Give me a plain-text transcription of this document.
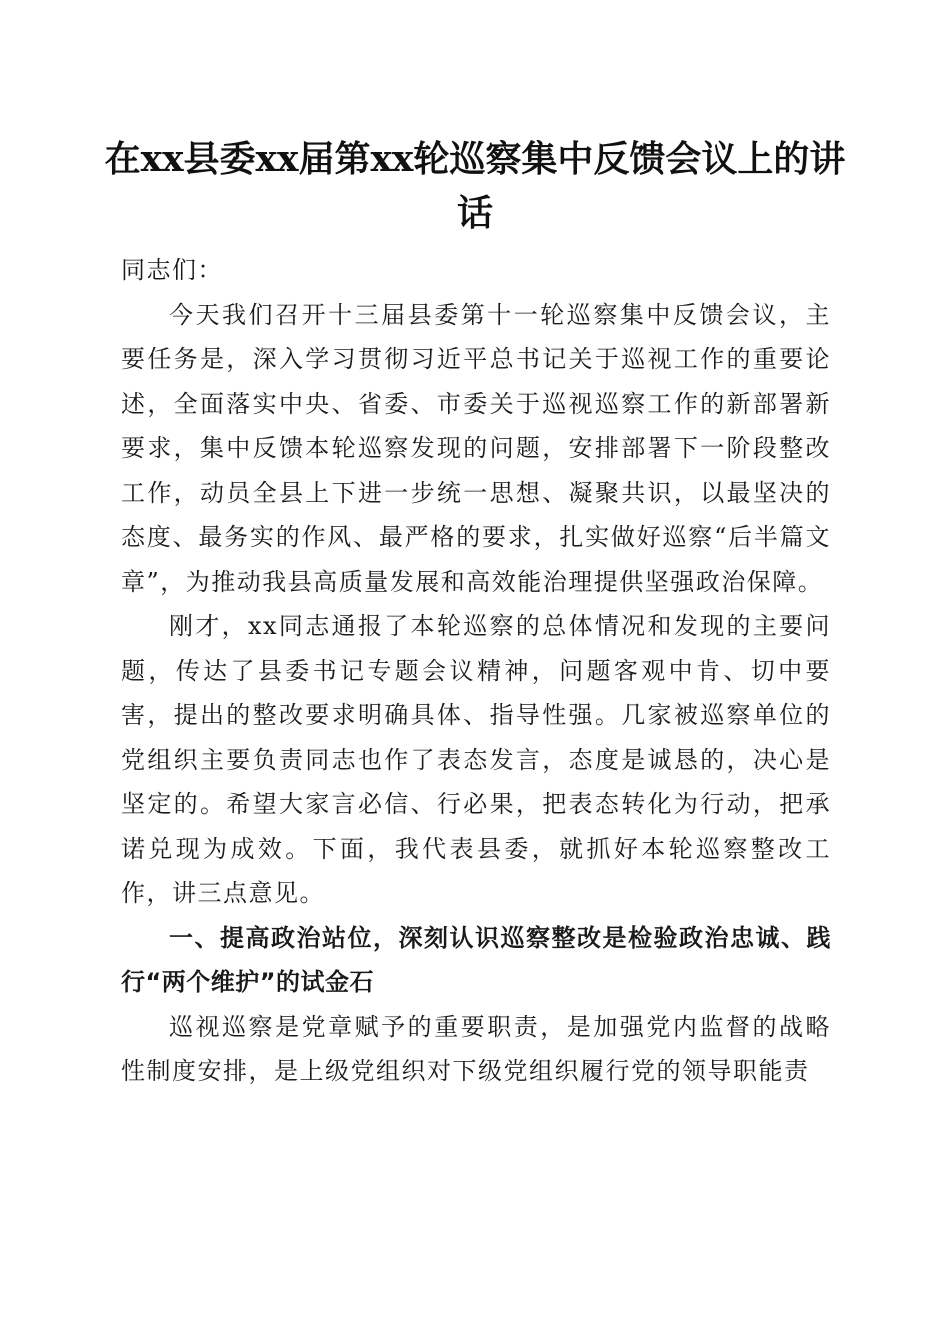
在xx县委xx届第xx轮巡察集中反馈会议上的讲话

同志们：

今天我们召开十三届县委第十一轮巡察集中反馈会议，主要任务是，深入学习贯彻习近平总书记关于巡视工作的重要论述，全面落实中央、省委、市委关于巡视巡察工作的新部署新要求，集中反馈本轮巡察发现的问题，安排部署下一阶段整改工作，动员全县上下进一步统一思想、凝聚共识，以最坚决的态度、最务实的作风、最严格的要求，扎实做好巡察“后半篇文章”，为推动我县高质量发展和高效能治理提供坚强政治保障。

刚才，xx同志通报了本轮巡察的总体情况和发现的主要问题，传达了县委书记专题会议精神，问题客观中肯、切中要害，提出的整改要求明确具体、指导性强。几家被巡察单位的党组织主要负责同志也作了表态发言，态度是诚恳的，决心是坚定的。希望大家言必信、行必果，把表态转化为行动，把承诺兑现为成效。下面，我代表县委，就抓好本轮巡察整改工作，讲三点意见。

一、提高政治站位，深刻认识巡察整改是检验政治忠诚、践行“两个维护”的试金石

巡视巡察是党章赋予的重要职责，是加强党内监督的战略性制度安排，是上级党组织对下级党组织履行党的领导职能责
